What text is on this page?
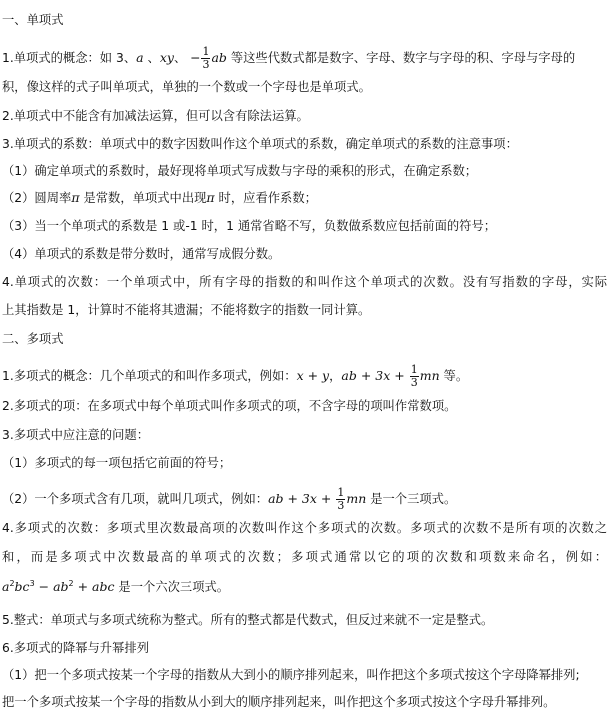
一、单项式
1.单项式的概念：如 3、a 、xy、 − $\frac{1}{3}$ ab 等这些代数式都是数字、字母、数字与字母的积、字母与字母的
积，像这样的式子叫单项式，单独的一个数或一个字母也是单项式。
2.单项式中不能含有加减法运算，但可以含有除法运算。
3.单项式的系数：单项式中的数字因数叫作这个单项式的系数，确定单项式的系数的注意事项：
（1）确定单项式的系数时，最好现将单项式写成数与字母的乘积的形式，在确定系数；
（2）圆周率π 是常数，单项式中出现π 时，应看作系数；
（3）当一个单项式的系数是 1 或-1 时，1 通常省略不写，负数做系数应包括前面的符号；
（4）单项式的系数是带分数时，通常写成假分数。
4.单项式的次数：一个单项式中，所有字母的指数的和叫作这个单项式的次数。没有写指数的字母，实际
上其指数是 1，计算时不能将其遗漏；不能将数字的指数一同计算。
二、多项式
1.多项式的概念：几个单项式的和叫作多项式，例如：x + y，ab + $3x + \frac{1}{3}$ mn 等。
2.多项式的项：在多项式中每个单项式叫作多项式的项，不含字母的项叫作常数项。
3.多项式中应注意的问题：
（1）多项式的每一项包括它前面的符号；
（2）一个多项式含有几项，就叫几项式，例如：ab + $3x + \frac{1}{3}$ mn 是一个三项式。
4.多项式的次数：多项式里次数最高项的次数叫作这个多项式的次数。多项式的次数不是所有项的次数之
和，而是多项式中次数最高的单项式的次数；多项式通常以它的项的次数和项数来命名，例如：
$a^2bc^3 - ab^2$ + abc 是一个六次三项式。
5.整式：单项式与多项式统称为整式。所有的整式都是代数式，但反过来就不一定是整式。
6.多项式的降幂与升幂排列
（1）把一个多项式按某一个字母的指数从大到小的顺序排列起来，叫作把这个多项式按这个字母降幂排列;
把一个多项式按某一个字母的指数从小到大的顺序排列起来，叫作把这个多项式按这个字母升幂排列。
